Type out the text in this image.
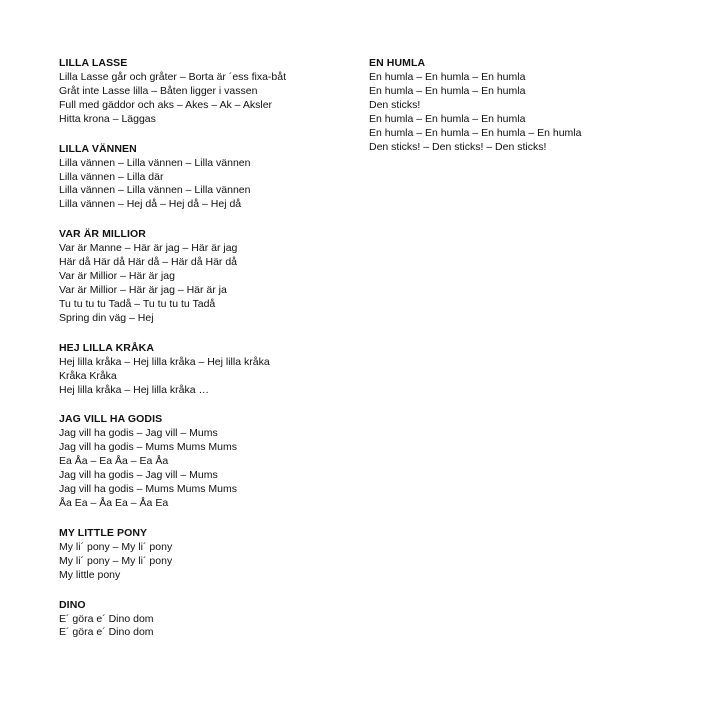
LILLA LASSE
Lilla Lasse går och gråter – Borta är ´ess fixa-båt
Gråt inte Lasse lilla – Båten ligger i vassen
Full med gäddor och aks – Akes – Ak – Aksler
Hitta krona – Läggas
LILLA VÄNNEN
Lilla vännen – Lilla vännen – Lilla vännen
Lilla vännen – Lilla där
Lilla vännen – Lilla vännen – Lilla vännen
Lilla vännen – Hej då – Hej då – Hej då
VAR ÄR MILLIOR
Var är Manne – Här är jag – Här är jag
Här då Här då Här då – Här då Här då
Var är Millior – Här är jag
Var är Millior – Här är jag – Här är ja
Tu tu tu tu Tadå – Tu tu tu tu Tadå
Spring din väg – Hej
HEJ LILLA KRÅKA
Hej lilla kråka – Hej lilla kråka – Hej lilla kråka
Kråka Kråka
Hej lilla kråka – Hej lilla kråka …
JAG VILL HA GODIS
Jag vill ha godis – Jag vill – Mums
Jag vill ha godis – Mums Mums Mums
Ea Åa – Ea Åa – Ea Åa
Jag vill ha godis – Jag vill – Mums
Jag vill ha godis – Mums Mums Mums
Åa Ea – Åa Ea – Åa Ea
MY LITTLE PONY
My li´ pony – My li´ pony
My li´ pony – My li´ pony
My little pony
DINO
E´ göra e´ Dino dom
E´ göra e´ Dino dom
EN HUMLA
En humla – En humla – En humla
En humla – En humla – En humla
Den sticks!
En humla – En humla – En humla
En humla – En humla – En humla – En humla
Den sticks! – Den sticks! – Den sticks!
